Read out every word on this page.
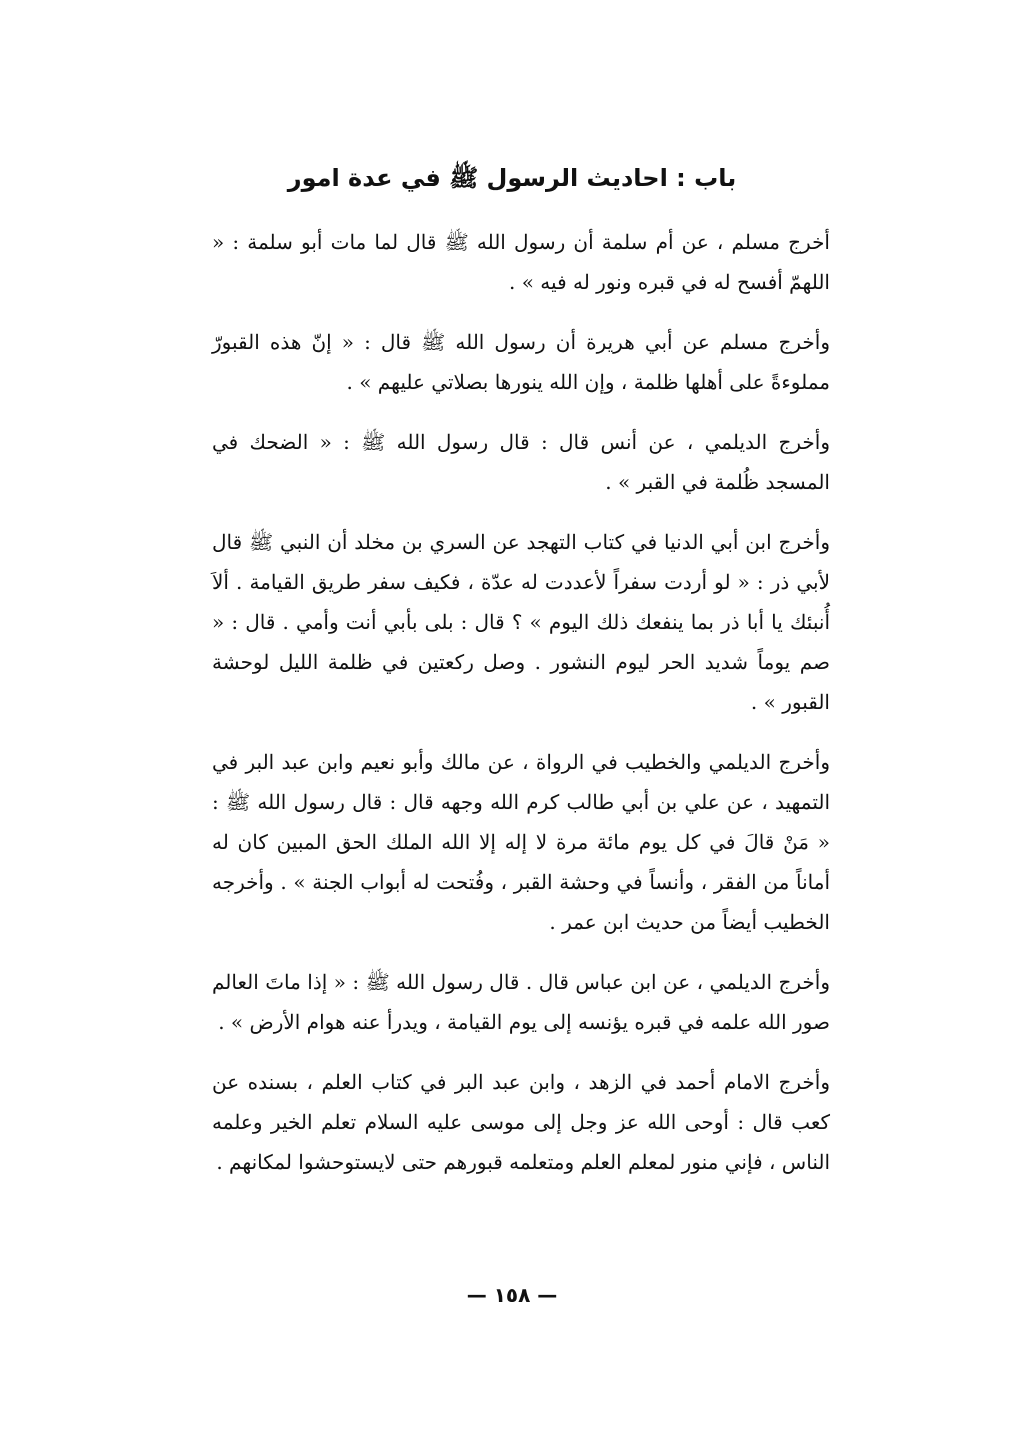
باب : احاديث الرسول ﷺ في عدة امور

أخرج مسلم ، عن أم سلمة أن رسول الله ﷺ قال لما مات أبو سلمة : « اللهمّ أفسح له في قبره ونور له فيه » .

وأخرج مسلم عن أبي هريرة أن رسول الله ﷺ قال : « إنّ هذه القبورّ مملوءةً على أهلها ظلمة ، وإن الله ينورها بصلاتي عليهم » .

وأخرج الديلمي ، عن أنس قال : قال رسول الله ﷺ : « الضحك في المسجد ظُلمة في القبر » .

وأخرج ابن أبي الدنيا في كتاب التهجد عن السري بن مخلد أن النبي ﷺ قال لأبي ذر : « لو أردت سفراً لأعددت له عدّة ، فكيف سفر طريق القيامة . ألاَ أُنبئك يا أبا ذر بما ينفعك ذلك اليوم » ؟ قال : بلى بأبي أنت وأمي . قال : « صم يوماً شديد الحر ليوم النشور . وصل ركعتين في ظلمة الليل لوحشة القبور » .

وأخرج الديلمي والخطيب في الرواة ، عن مالك وأبو نعيم وابن عبد البر في التمهيد ، عن علي بن أبي طالب كرم الله وجهه قال : قال رسول الله ﷺ : « مَنْ قالَ في كل يوم مائة مرة لا إله إلا الله الملك الحق المبين كان له أماناً من الفقر ، وأنساً في وحشة القبر ، وفُتحت له أبواب الجنة » . وأخرجه الخطيب أيضاً من حديث ابن عمر .

وأخرج الديلمي ، عن ابن عباس قال . قال رسول الله ﷺ : « إذا ماتَ العالم صور الله علمه في قبره يؤنسه إلى يوم القيامة ، ويدرأ عنه هوام الأرض » .

وأخرج الامام أحمد في الزهد ، وابن عبد البر في كتاب العلم ، بسنده عن كعب قال : أوحى الله عز وجل إلى موسى عليه السلام تعلم الخير وعلمه الناس ، فإني منور لمعلم العلم ومتعلمه قبورهم حتى لايستوحشوا لمكانهم .

— ١٥٨ —
